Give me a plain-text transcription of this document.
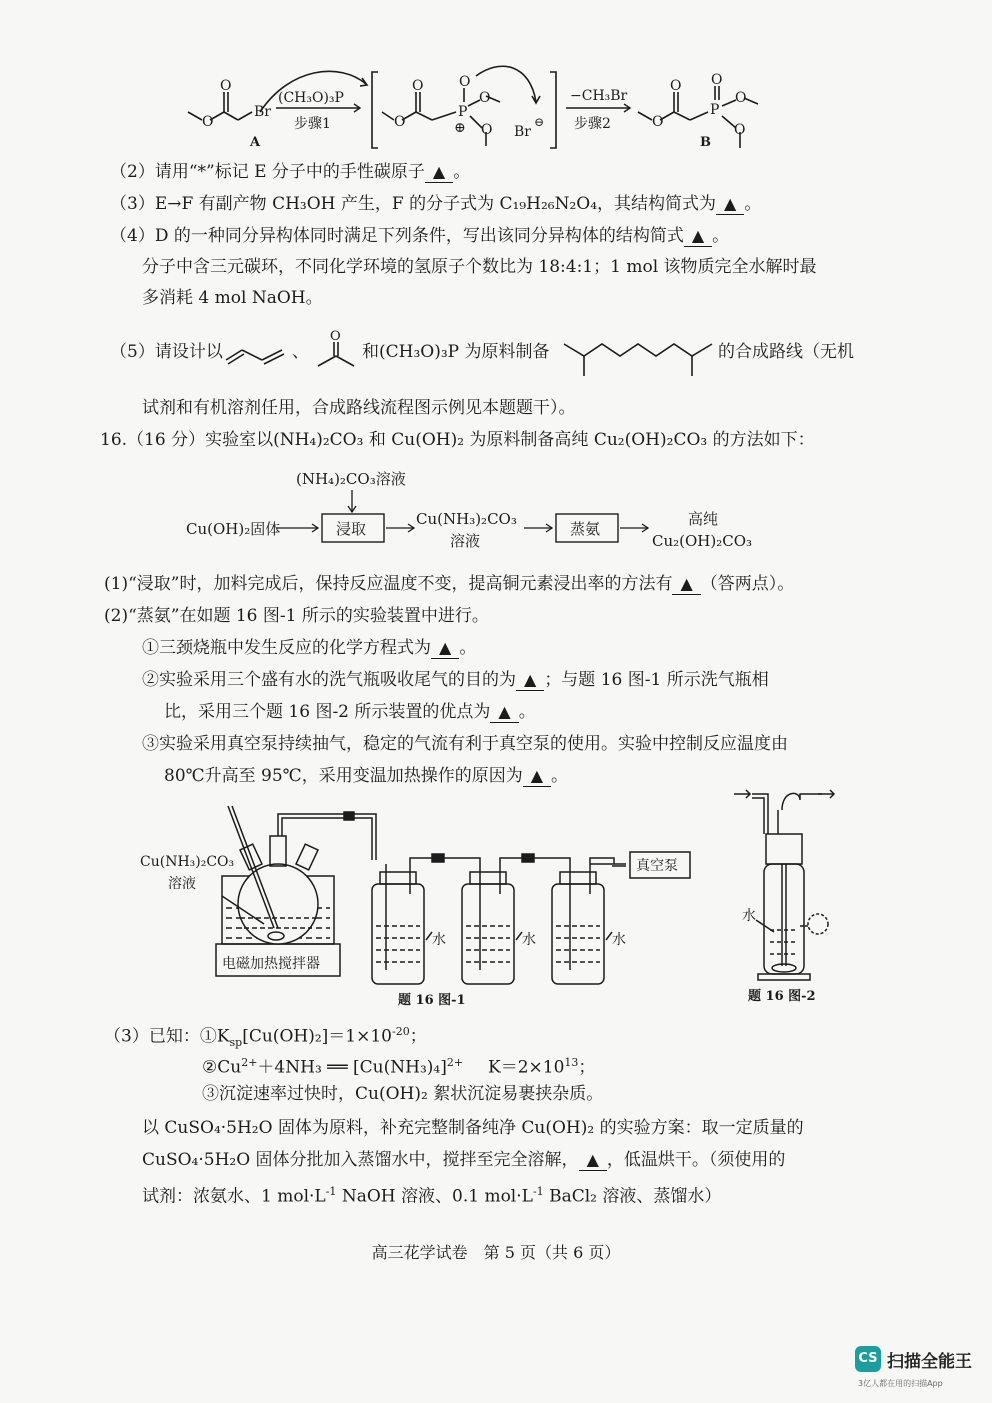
O
O
Br
A
(CH₃O)₃P
步骤1	O
O
P
O
O
O
⊕	Br
⊖
−CH₃Br
步骤2	O
O
P
O
O
O
B
（2）请用“*”标记 E 分子中的手性碳原子 ▲ 。
（3）E→F 有副产物 CH₃OH 产生，F 的分子式为 C₁₉H₂₆N₂O₄，其结构简式为 ▲ 。
（4）D 的一种同分异构体同时满足下列条件，写出该同分异构体的结构简式 ▲ 。
分子中含三元碳环，不同化学环境的氢原子个数比为 18:4:1；1 mol 该物质完全水解时最
多消耗 4 mol NaOH。
（5）请设计以	、
O
和(CH₃O)₃P 为原料制备	的合成路线（无机
试剂和有机溶剂任用，合成路线流程图示例见本题题干）。
16.（16 分）实验室以(NH₄)₂CO₃ 和 Cu(OH)₂ 为原料制备高纯 Cu₂(OH)₂CO₃ 的方法如下：
(NH₄)₂CO₃溶液
Cu(OH)₂固体	浸取
Cu(NH₃)₂CO₃
溶液
蒸氨
高纯
Cu₂(OH)₂CO₃
(1)“浸取”时，加料完成后，保持反应温度不变，提高铜元素浸出率的方法有 ▲ （答两点）。
(2)“蒸氨”在如题 16 图-1 所示的实验装置中进行。
①三颈烧瓶中发生反应的化学方程式为 ▲ 。
②实验采用三个盛有水的洗气瓶吸收尾气的目的为 ▲ ；与题 16 图-1 所示洗气瓶相
比，采用三个题 16 图-2 所示装置的优点为 ▲ 。
③实验采用真空泵持续抽气，稳定的气流有利于真空泵的使用。实验中控制反应温度由
80℃升高至 95℃，采用变温加热操作的原因为 ▲ 。
Cu(NH₃)₂CO₃
溶液
电磁加热搅拌器
真空泵
水	水	水
题 16 图-1
水
题 16 图-2
（3）已知：$①K_{sp}[Cu(OH)_2]=1\times 10^{-20}$；
$②Cu^{2+}+4NH_3$ ══ $[Cu(NH_3)_4]^{2+}$ $K=2\times 10^{13}$；
③沉淀速率过快时，Cu(OH)₂ 絮状沉淀易裹挟杂质。
以 CuSO₄·5H₂O 固体为原料，补充完整制备纯净 Cu(OH)₂ 的实验方案：取一定质量的
CuSO₄·5H₂O 固体分批加入蒸馏水中，搅拌至完全溶解， ▲ ，低温烘干。（须使用的
试剂：浓氨水、1 $mol\cdot L^{-1}$ NaOH 溶液、0.1 $mol\cdot L^{-1}$ BaCl₂ 溶液、蒸馏水）
高三花学试卷　第 5 页（共 6 页）
CS 扫描全能王
3亿人都在用的扫描App
